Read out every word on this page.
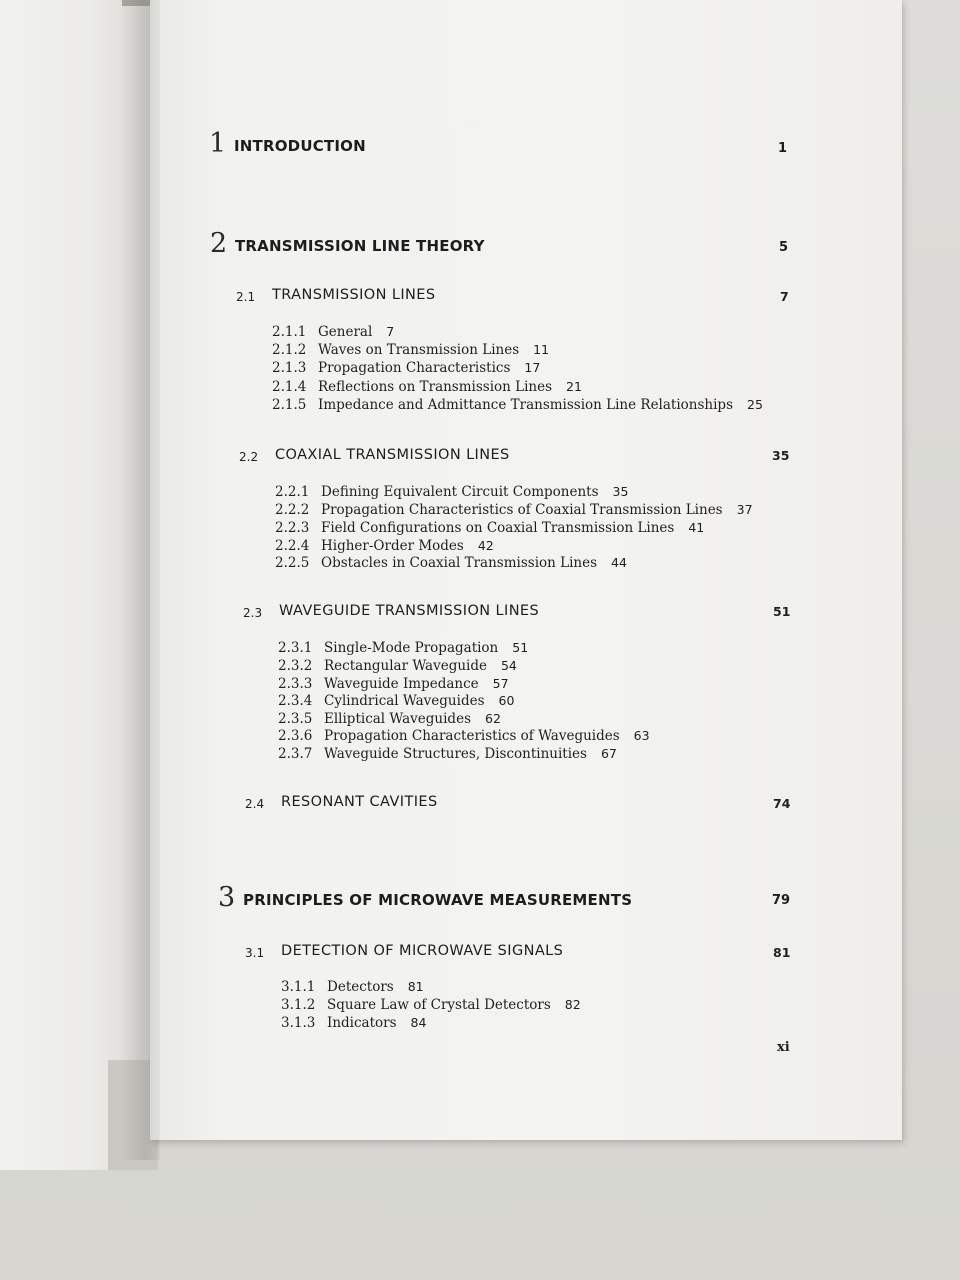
1 INTRODUCTION	1
2 TRANSMISSION LINE THEORY	5
2.1 TRANSMISSION LINES	7
2.1.1 General 7
2.1.2 Waves on Transmission Lines 11
2.1.3 Propagation Characteristics 17
2.1.4 Reflections on Transmission Lines 21
2.1.5 Impedance and Admittance Transmission Line Relationships 25
2.2 COAXIAL TRANSMISSION LINES	35
2.2.1 Defining Equivalent Circuit Components 35
2.2.2 Propagation Characteristics of Coaxial Transmission Lines 37
2.2.3 Field Configurations on Coaxial Transmission Lines 41
2.2.4 Higher-Order Modes 42
2.2.5 Obstacles in Coaxial Transmission Lines 44
2.3 WAVEGUIDE TRANSMISSION LINES	51
2.3.1 Single-Mode Propagation 51
2.3.2 Rectangular Waveguide 54
2.3.3 Waveguide Impedance 57
2.3.4 Cylindrical Waveguides 60
2.3.5 Elliptical Waveguides 62
2.3.6 Propagation Characteristics of Waveguides 63
2.3.7 Waveguide Structures, Discontinuities 67
2.4 RESONANT CAVITIES	74
3 PRINCIPLES OF MICROWAVE MEASUREMENTS	79
3.1 DETECTION OF MICROWAVE SIGNALS	81
3.1.1 Detectors 81
3.1.2 Square Law of Crystal Detectors 82
3.1.3 Indicators 84
xi
